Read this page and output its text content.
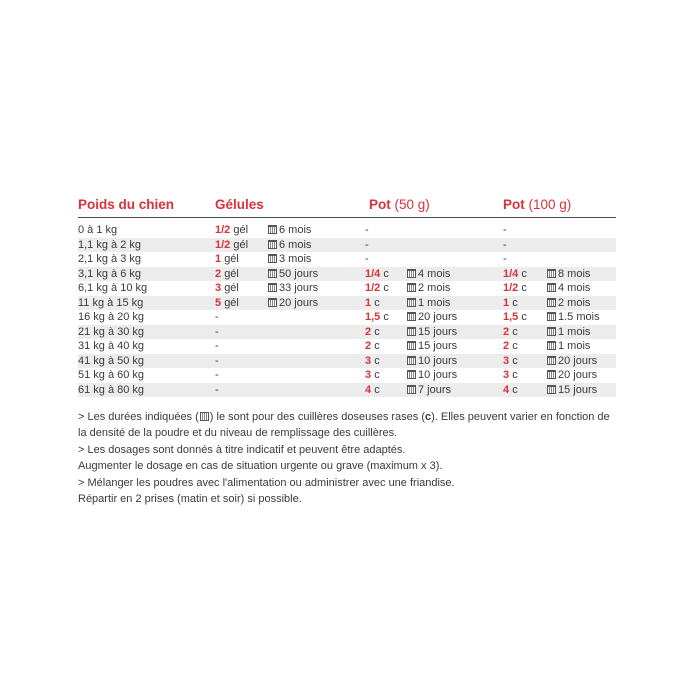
Poids du chien	Gélules	Pot (50 g)	Pot (100 g)
0 à 1 kg	1/2 gél	6 mois	-	-
1,1 kg à 2 kg	1/2 gél	6 mois	-	-
2,1 kg à 3 kg	1 gél	3 mois	-	-
3,1 kg à 6 kg	2 gél	50 jours	1/4 c	4 mois	1/4 c	8 mois
6,1 kg à 10 kg	3 gél	33 jours	1/2 c	2 mois	1/2 c	4 mois
11 kg à 15 kg	5 gél	20 jours	1 c	1 mois	1 c	2 mois
16 kg à 20 kg	-	1,5 c	20 jours	1,5 c	1.5 mois
21 kg à 30 kg	-	2 c	15 jours	2 c	1 mois
31 kg à 40 kg	-	2 c	15 jours	2 c	1 mois
41 kg à 50 kg	-	3 c	10 jours	3 c	20 jours
51 kg à 60 kg	-	3 c	10 jours	3 c	20 jours
61 kg à 80 kg	-	4 c	7 jours	4 c	15 jours
> Les durées indiquées ( ) le sont pour des cuillères doseuses rases (c). Elles peuvent varier en fonction de la densité de la poudre et du niveau de remplissage des cuillères.
> Les dosages sont donnés à titre indicatif et peuvent être adaptés.
Augmenter le dosage en cas de situation urgente ou grave (maximum x 3).
> Mélanger les poudres avec l'alimentation ou administrer avec une friandise.
Répartir en 2 prises (matin et soir) si possible.
